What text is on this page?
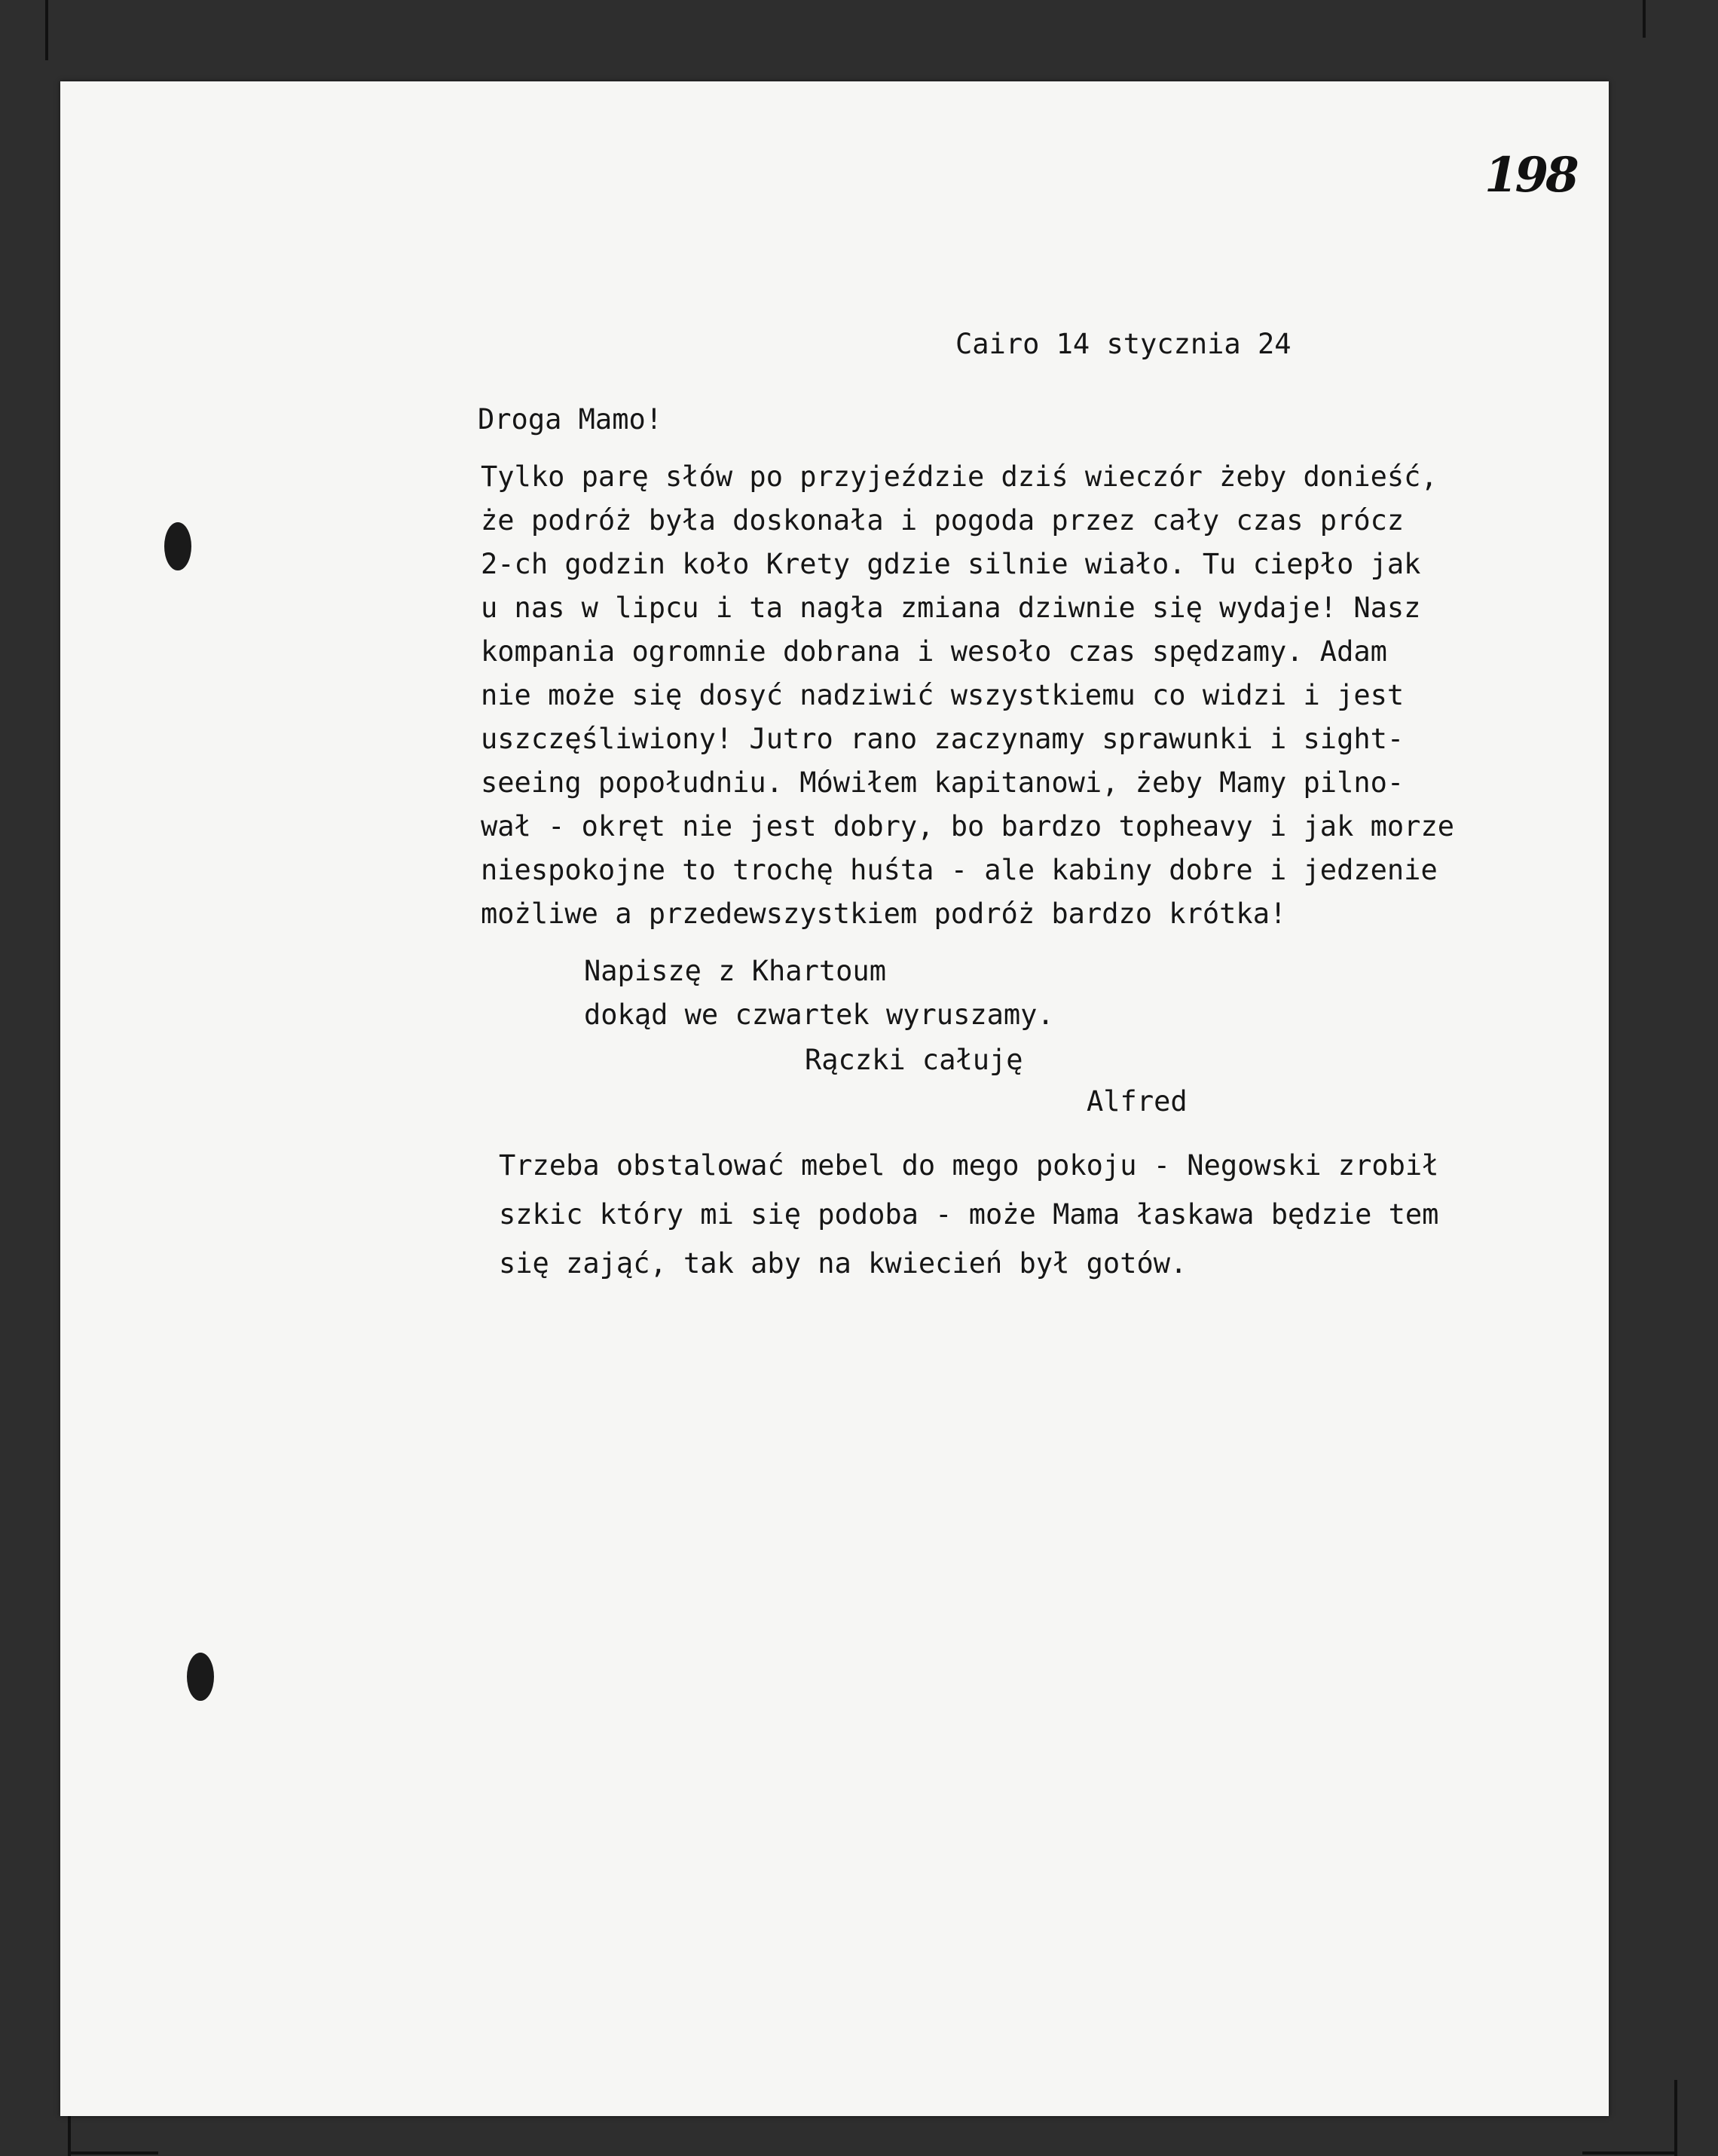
198
Cairo 14 stycznia 24
Droga Mamo!
Tylko parę słów po przyjeździe dziś wieczór żeby donieść,
że podróż była doskonała i pogoda przez cały czas prócz
2-ch godzin koło Krety gdzie silnie wiało. Tu ciepło jak
u nas w lipcu i ta nagła zmiana dziwnie się wydaje! Nasz
kompania ogromnie dobrana i wesoło czas spędzamy. Adam
nie może się dosyć nadziwić wszystkiemu co widzi i jest
uszczęśliwiony! Jutro rano zaczynamy sprawunki i sight-
seeing popołudniu. Mówiłem kapitanowi, żeby Mamy pilno-
wał - okręt nie jest dobry, bo bardzo topheavy i jak morze
niespokojne to trochę huśta - ale kabiny dobre i jedzenie
możliwe a przedewszystkiem podróż bardzo krótka!
Napiszę z Khartoum
dokąd we czwartek wyruszamy.
Rączki całuję
Alfred
Trzeba obstalować mebel do mego pokoju - Negowski zrobił
szkic który mi się podoba - może Mama łaskawa będzie tem
się zająć, tak aby na kwiecień był gotów.
